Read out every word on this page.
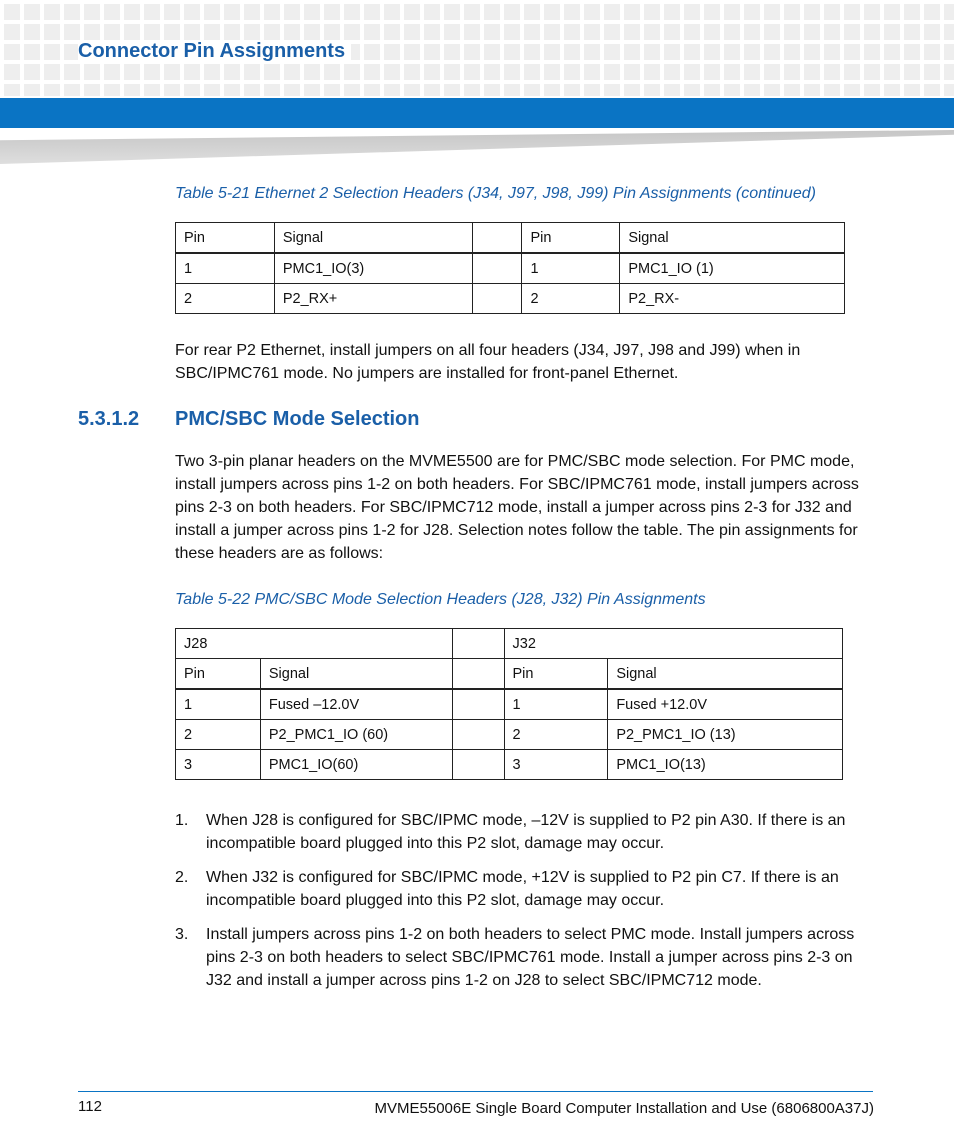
Connector Pin Assignments

Table 5-21 Ethernet 2 Selection Headers (J34, J97, J98, J99) Pin Assignments (continued)

Pin	Signal		Pin	Signal
1	PMC1_IO(3)		1	PMC1_IO (1)
2	P2_RX+		2	P2_RX-

For rear P2 Ethernet, install jumpers on all four headers (J34, J97, J98 and J99) when in SBC/IPMC761 mode. No jumpers are installed for front-panel Ethernet.

5.3.1.2 PMC/SBC Mode Selection

Two 3-pin planar headers on the MVME5500 are for PMC/SBC mode selection. For PMC mode, install jumpers across pins 1-2 on both headers. For SBC/IPMC761 mode, install jumpers across pins 2-3 on both headers. For SBC/IPMC712 mode, install a jumper across pins 2-3 for J32 and install a jumper across pins 1-2 for J28. Selection notes follow the table. The pin assignments for these headers are as follows:

Table 5-22 PMC/SBC Mode Selection Headers (J28, J32) Pin Assignments

J28			J32	
Pin	Signal		Pin	Signal
1	Fused –12.0V		1	Fused +12.0V
2	P2_PMC1_IO (60)		2	P2_PMC1_IO (13)
3	PMC1_IO(60)		3	PMC1_IO(13)
1. When J28 is configured for SBC/IPMC mode, –12V is supplied to P2 pin A30. If there is an incompatible board plugged into this P2 slot, damage may occur.
2. When J32 is configured for SBC/IPMC mode, +12V is supplied to P2 pin C7. If there is an incompatible board plugged into this P2 slot, damage may occur.
3. Install jumpers across pins 1-2 on both headers to select PMC mode. Install jumpers across pins 2-3 on both headers to select SBC/IPMC761 mode. Install a jumper across pins 2-3 on J32 and install a jumper across pins 1-2 on J28 to select SBC/IPMC712 mode.

112	MVME55006E Single Board Computer Installation and Use (6806800A37J)
